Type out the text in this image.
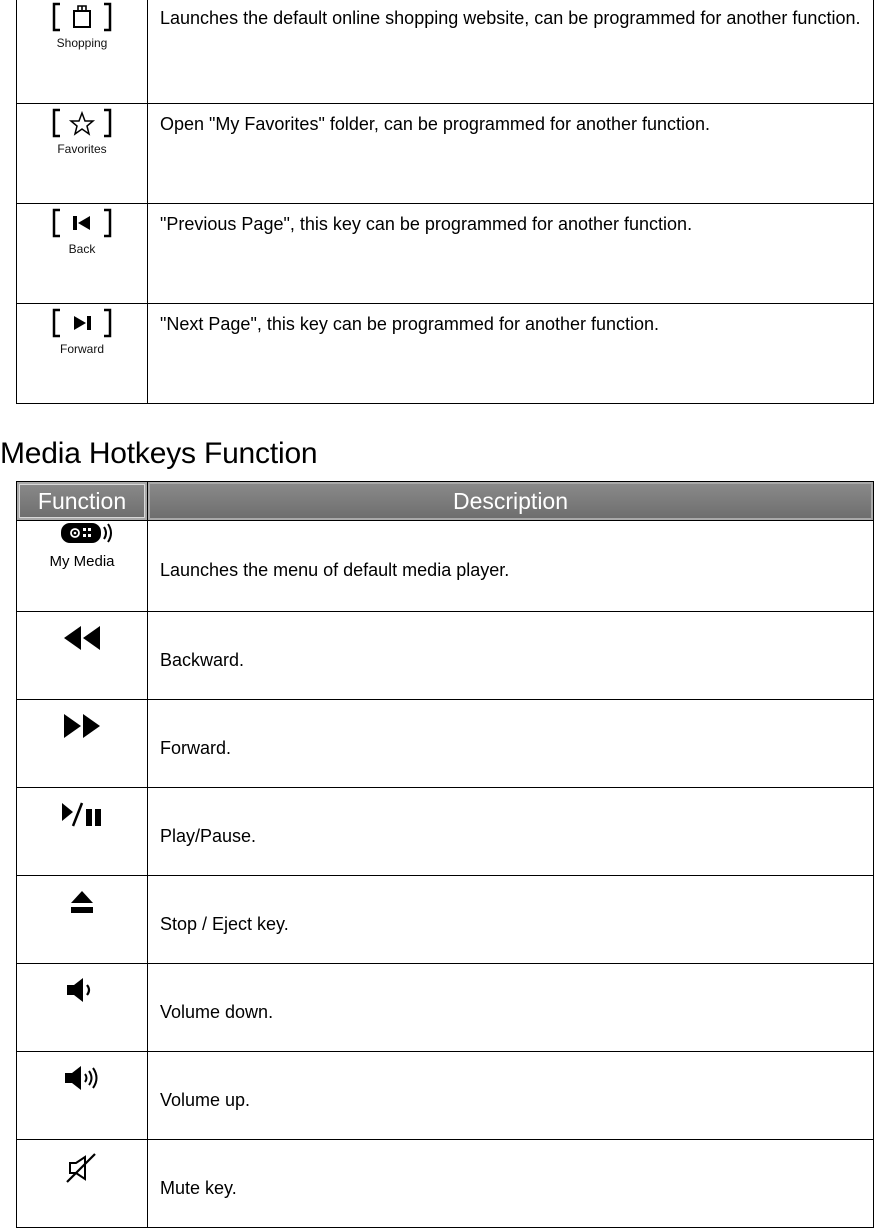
Shopping	Launches the default online shopping website, can be programmed for another function.

Favorites	Open "My Favorites" folder, can be programmed for another function.

Back	"Previous Page", this key can be programmed for another function.

Forward	"Next Page", this key can be programmed for another function.
Media Hotkeys Function
Function	Description

My Media	Launches the menu of default media player.

	Backward.

	Forward.

	Play/Pause.

	Stop / Eject key.

	Volume down.

	Volume up.

	Mute key.
